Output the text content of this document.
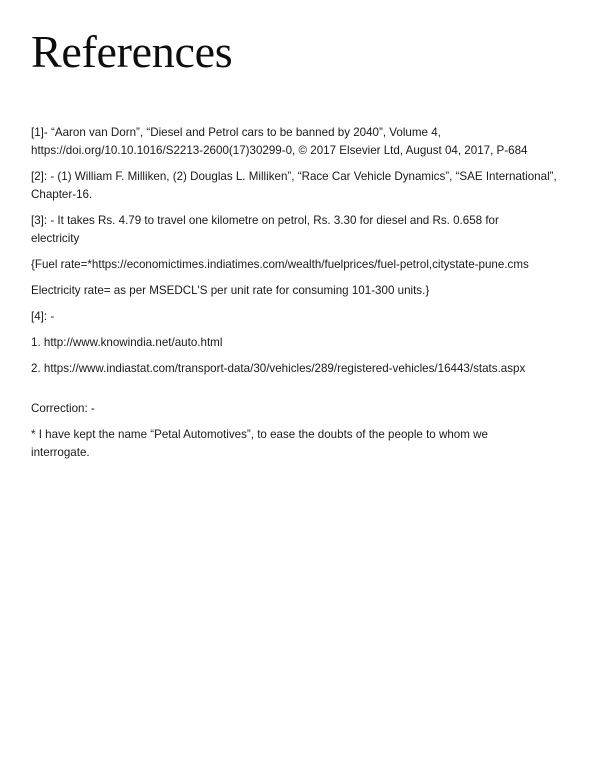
References

[1]- “Aaron van Dorn”, “Diesel and Petrol cars to be banned by 2040”, Volume 4,
https://doi.org/10.10.1016/S2213-2600(17)30299-0, © 2017 Elsevier Ltd, August 04, 2017, P-684

[2]: - (1) William F. Milliken, (2) Douglas L. Milliken”, “Race Car Vehicle Dynamics”, “SAE International”, Chapter-16.

[3]: - It takes Rs. 4.79 to travel one kilometre on petrol, Rs. 3.30 for diesel and Rs. 0.658 for electricity

{Fuel rate=*https://economictimes.indiatimes.com/wealth/fuelprices/fuel-petrol,citystate-pune.cms

Electricity rate= as per MSEDCL'S per unit rate for consuming 101-300 units.}

[4]: -

1. http://www.knowindia.net/auto.html

2. https://www.indiastat.com/transport-data/30/vehicles/289/registered-vehicles/16443/stats.aspx

Correction: -

* I have kept the name “Petal Automotives”, to ease the doubts of the people to whom we interrogate.
